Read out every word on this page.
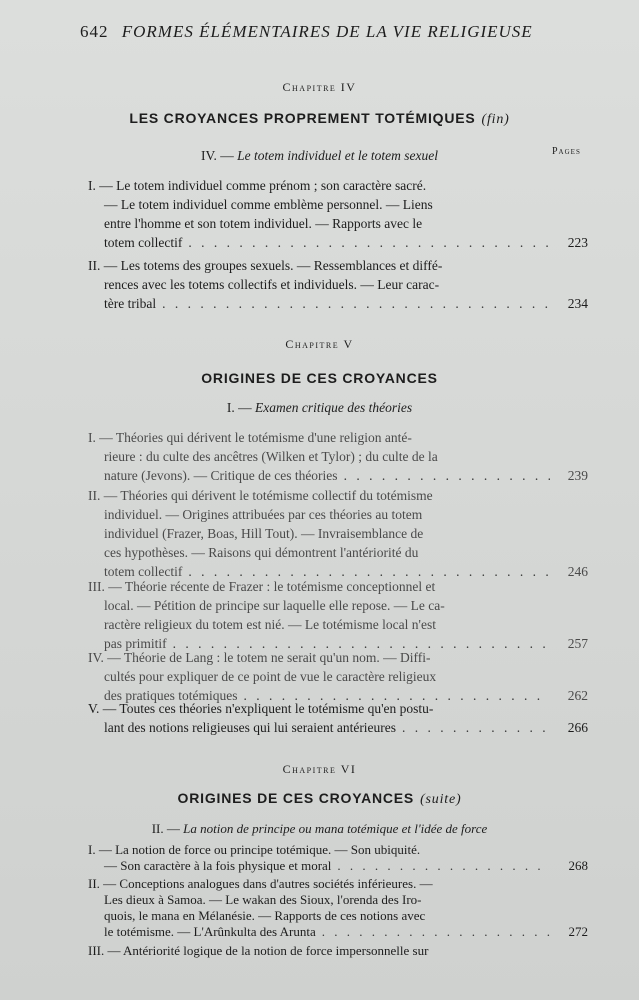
642 FORMES ÉLÉMENTAIRES DE LA VIE RELIGIEUSE
Chapitre IV
LES CROYANCES PROPREMENT TOTÉMIQUES (fin)
IV. — Le totem individuel et le totem sexuel	Pages
I. — Le totem individuel comme prénom ; son caractère sacré.
— Le totem individuel comme emblème personnel. — Liens
entre l'homme et son totem individuel. — Rapports avec le
totem collectif . . .	223
II. — Les totems des groupes sexuels. — Ressemblances et diffé-
rences avec les totems collectifs et individuels. — Leur carac-
tère tribal . . .	234
Chapitre V
ORIGINES DE CES CROYANCES
I. — Examen critique des théories
I. — Théories qui dérivent le totémisme d'une religion anté-
rieure : du culte des ancêtres (Wilken et Tylor) ; du culte de la
nature (Jevons). — Critique de ces théories . . .	239
II. — Théories qui dérivent le totémisme collectif du totémisme
individuel. — Origines attribuées par ces théories au totem
individuel (Frazer, Boas, Hill Tout). — Invraisemblance de
ces hypothèses. — Raisons qui démontrent l'antériorité du
totem collectif . . .	246
III. — Théorie récente de Frazer : le totémisme conceptionnel et
local. — Pétition de principe sur laquelle elle repose. — Le ca-
ractère religieux du totem est nié. — Le totémisme local n'est
pas primitif . . .	257
IV. — Théorie de Lang : le totem ne serait qu'un nom. — Diffi-
cultés pour expliquer de ce point de vue le caractère religieux
des pratiques totémiques . . .	262
V. — Toutes ces théories n'expliquent le totémisme qu'en postu-
lant des notions religieuses qui lui seraient antérieures . . .	266
Chapitre VI
ORIGINES DE CES CROYANCES (suite)
II. — La notion de principe ou mana totémique et l'idée de force
I. — La notion de force ou principe totémique. — Son ubiquité.
— Son caractère à la fois physique et moral . . .	268
II. — Conceptions analogues dans d'autres sociétés inférieures. —
Les dieux à Samoa. — Le wakan des Sioux, l'orenda des Iro-
quois, le mana en Mélanésie. — Rapports de ces notions avec
le totémisme. — L'Arûnkulta des Arunta . . .	272
III. — Antériorité logique de la notion de force impersonnelle sur
